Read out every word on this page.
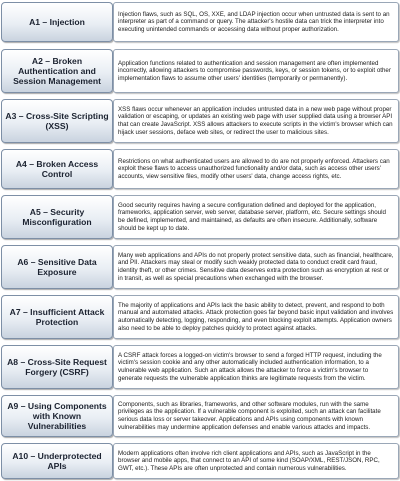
A1 – Injection
Injection flaws, such as SQL, OS, XXE, and LDAP injection occur when untrusted data is sent to an interpreter as part of a command or query. The attacker's hostile data can trick the interpreter into executing unintended commands or accessing data without proper authorization.
A2 – Broken Authentication and Session Management
Application functions related to authentication and session management are often implemented incorrectly, allowing attackers to compromise passwords, keys, or session tokens, or to exploit other implementation flaws to assume other users' identities (temporarily or permanently).
A3 – Cross-Site Scripting (XSS)
XSS flaws occur whenever an application includes untrusted data in a new web page without proper validation or escaping, or updates an existing web page with user supplied data using a browser API that can create JavaScript. XSS allows attackers to execute scripts in the victim's browser which can hijack user sessions, deface web sites, or redirect the user to malicious sites.
A4 – Broken Access Control
Restrictions on what authenticated users are allowed to do are not properly enforced. Attackers can exploit these flaws to access unauthorized functionality and/or data, such as access other users' accounts, view sensitive files, modify other users' data, change access rights, etc.
A5 – Security Misconfiguration
Good security requires having a secure configuration defined and deployed for the application, frameworks, application server, web server, database server, platform, etc. Secure settings should be defined, implemented, and maintained, as defaults are often insecure. Additionally, software should be kept up to date.
A6 – Sensitive Data Exposure
Many web applications and APIs do not properly protect sensitive data, such as financial, healthcare, and PII. Attackers may steal or modify such weakly protected data to conduct credit card fraud, identity theft, or other crimes. Sensitive data deserves extra protection such as encryption at rest or in transit, as well as special precautions when exchanged with the browser.
A7 – Insufficient Attack Protection
The majority of applications and APIs lack the basic ability to detect, prevent, and respond to both manual and automated attacks. Attack protection goes far beyond basic input validation and involves automatically detecting, logging, responding, and even blocking exploit attempts. Application owners also need to be able to deploy patches quickly to protect against attacks.
A8 – Cross-Site Request Forgery (CSRF)
A CSRF attack forces a logged-on victim's browser to send a forged HTTP request, including the victim's session cookie and any other automatically included authentication information, to a vulnerable web application. Such an attack allows the attacker to force a victim's browser to generate requests the vulnerable application thinks are legitimate requests from the victim.
A9 – Using Components with Known Vulnerabilities
Components, such as libraries, frameworks, and other software modules, run with the same privileges as the application. If a vulnerable component is exploited, such an attack can facilitate serious data loss or server takeover. Applications and APIs using components with known vulnerabilities may undermine application defenses and enable various attacks and impacts.
A10 – Underprotected APIs
Modern applications often involve rich client applications and APIs, such as JavaScript in the browser and mobile apps, that connect to an API of some kind (SOAP/XML, REST/JSON, RPC, GWT, etc.). These APIs are often unprotected and contain numerous vulnerabilities.
